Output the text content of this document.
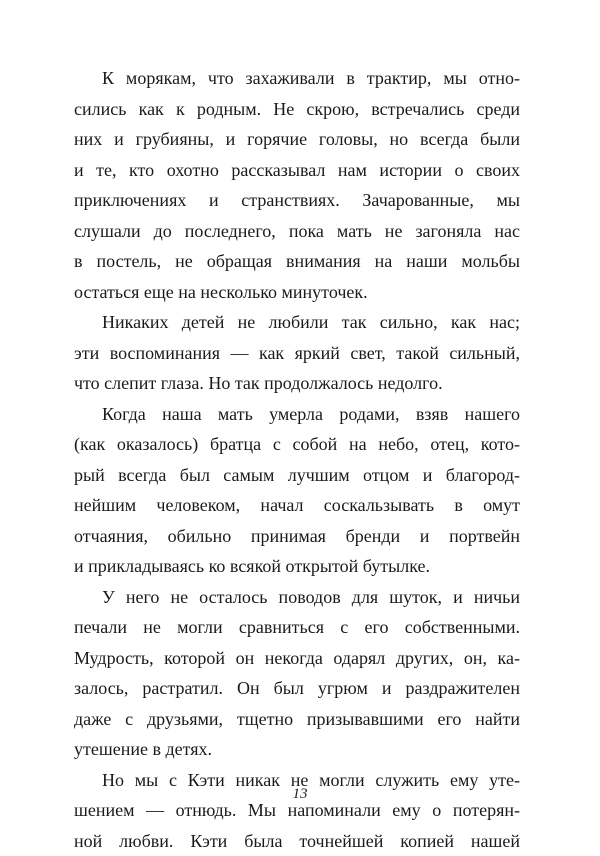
К морякам, что захаживали в трактир, мы отно-
сились как к родным. Не скрою, встречались среди
них и грубияны, и горячие головы, но всегда были
и те, кто охотно рассказывал нам истории о своих
приключениях и странствиях. Зачарованные, мы
слушали до последнего, пока мать не загоняла нас
в постель, не обращая внимания на наши мольбы
остаться еще на несколько минуточек.
Никаких детей не любили так сильно, как нас;
эти воспоминания — как яркий свет, такой сильный,
что слепит глаза. Но так продолжалось недолго.
Когда наша мать умерла родами, взяв нашего
(как оказалось) братца с собой на небо, отец, кото-
рый всегда был самым лучшим отцом и благород-
нейшим человеком, начал соскальзывать в омут
отчаяния, обильно принимая бренди и портвейн
и прикладываясь ко всякой открытой бутылке.
У него не осталось поводов для шуток, и ничьи
печали не могли сравниться с его собственными.
Мудрость, которой он некогда одарял других, он, ка-
залось, растратил. Он был угрюм и раздражителен
даже с друзьями, тщетно призывавшими его найти
утешение в детях.
Но мы с Кэти никак не могли служить ему уте-
шением — отнюдь. Мы напоминали ему о потерян-
ной любви. Кэти была точнейшей копией нашей
13
